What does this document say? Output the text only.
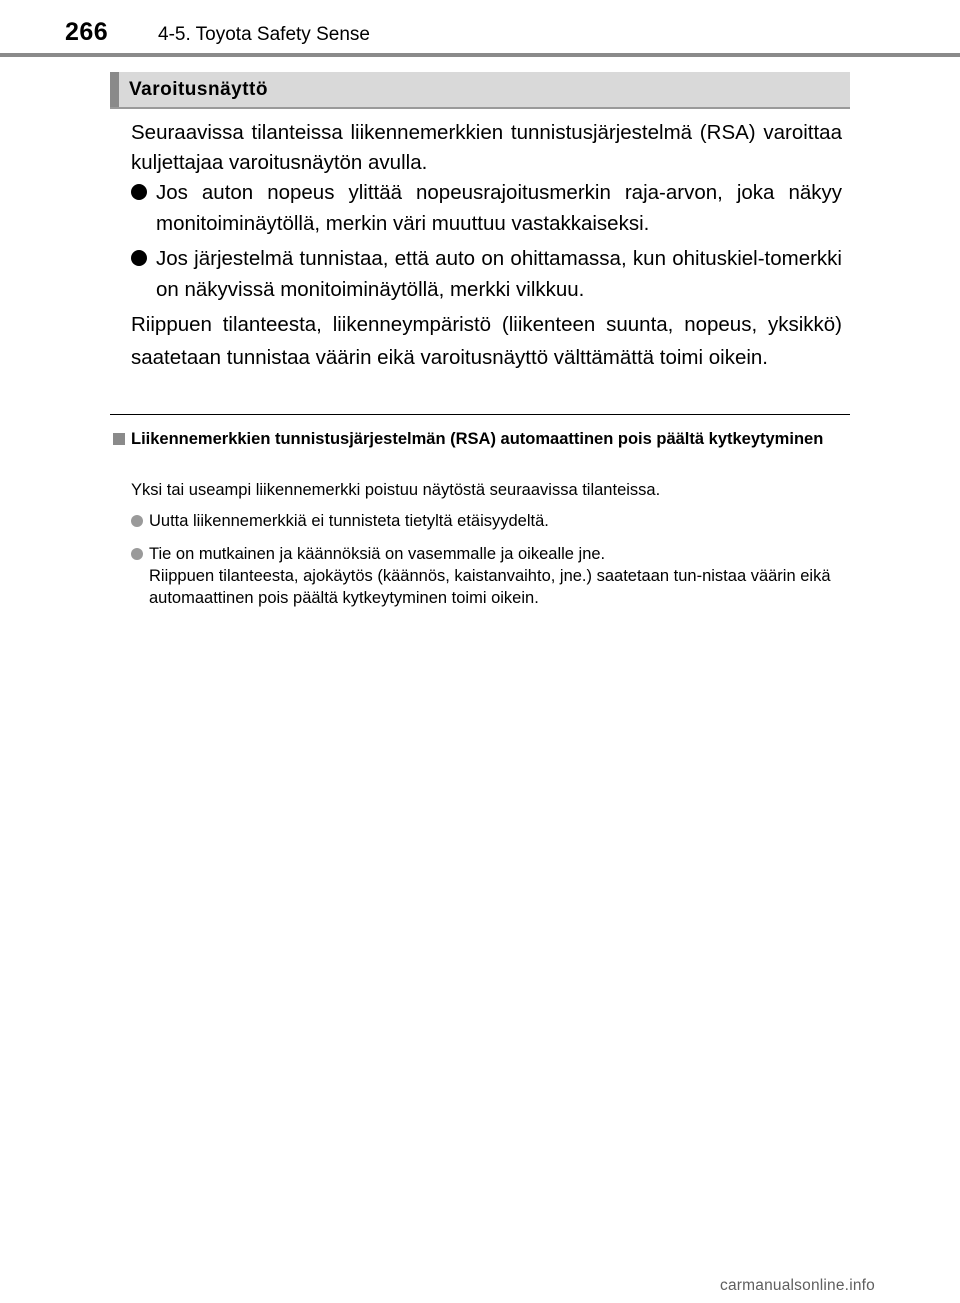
266	4-5. Toyota Safety Sense
Varoitusnäyttö
Seuraavissa tilanteissa liikennemerkkien tunnistusjärjestelmä (RSA) varoittaa kuljettajaa varoitusnäytön avulla.
Jos auton nopeus ylittää nopeusrajoitusmerkin raja-arvon, joka näkyy monitoiminäytöllä, merkin väri muuttuu vastakkaiseksi.
Jos järjestelmä tunnistaa, että auto on ohittamassa, kun ohituskiel-tomerkki on näkyvissä monitoiminäytöllä, merkki vilkkuu.
Riippuen tilanteesta, liikenneympäristö (liikenteen suunta, nopeus, yksikkö) saatetaan tunnistaa väärin eikä varoitusnäyttö välttämättä toimi oikein.
Liikennemerkkien tunnistusjärjestelmän (RSA) automaattinen pois päältä kytkeytyminen
Yksi tai useampi liikennemerkki poistuu näytöstä seuraavissa tilanteissa.
Uutta liikennemerkkiä ei tunnisteta tietyltä etäisyydeltä.
Tie on mutkainen ja käännöksiä on vasemmalle ja oikealle jne.
Riippuen tilanteesta, ajokäytös (käännös, kaistanvaihto, jne.) saatetaan tun-nistaa väärin eikä automaattinen pois päältä kytkeytyminen toimi oikein.
carmanualsonline.info
